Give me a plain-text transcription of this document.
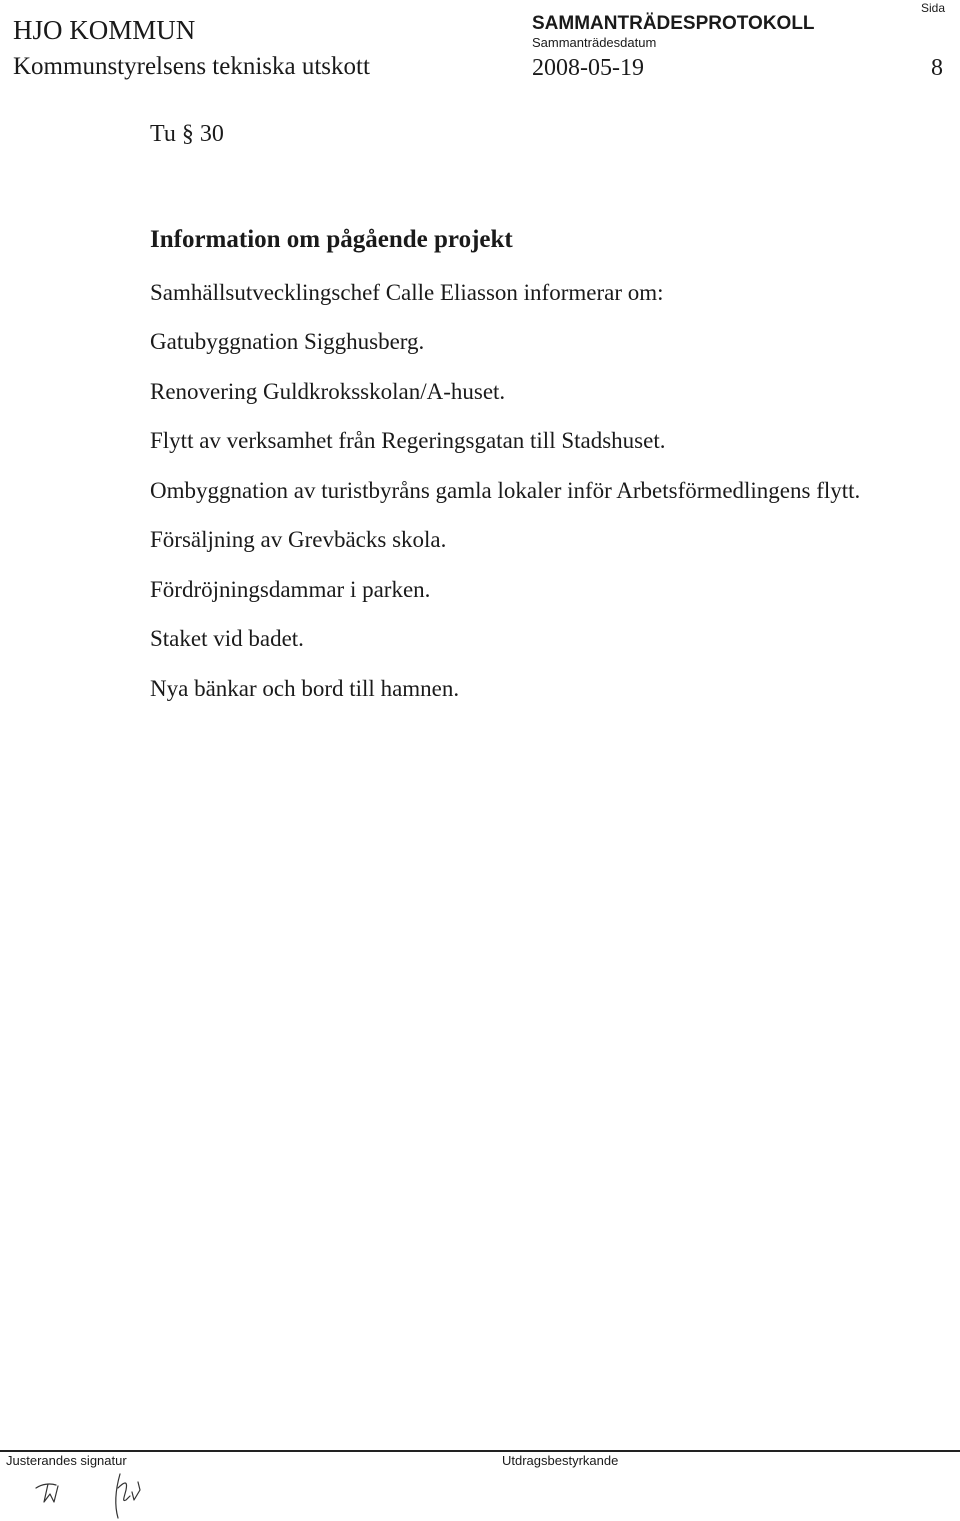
HJO KOMMUN
Kommunstyrelsens tekniska utskott
SAMMANTRÄDESPROTOKOLL
Sammanträdesdatum
2008-05-19
Sida
8
Tu § 30
Information om pågående projekt
Samhällsutvecklingschef Calle Eliasson informerar om:
Gatubyggnation Sigghusberg.
Renovering Guldkroksskolan/A-huset.
Flytt av verksamhet från Regeringsgatan till Stadshuset.
Ombyggnation av turistbyråns gamla lokaler inför Arbetsförmedlingens flytt.
Försäljning av Grevbäcks skola.
Fördröjningsdammar i parken.
Staket vid badet.
Nya bänkar och bord till hamnen.
Justerandes signatur	Utdragsbestyrkande
